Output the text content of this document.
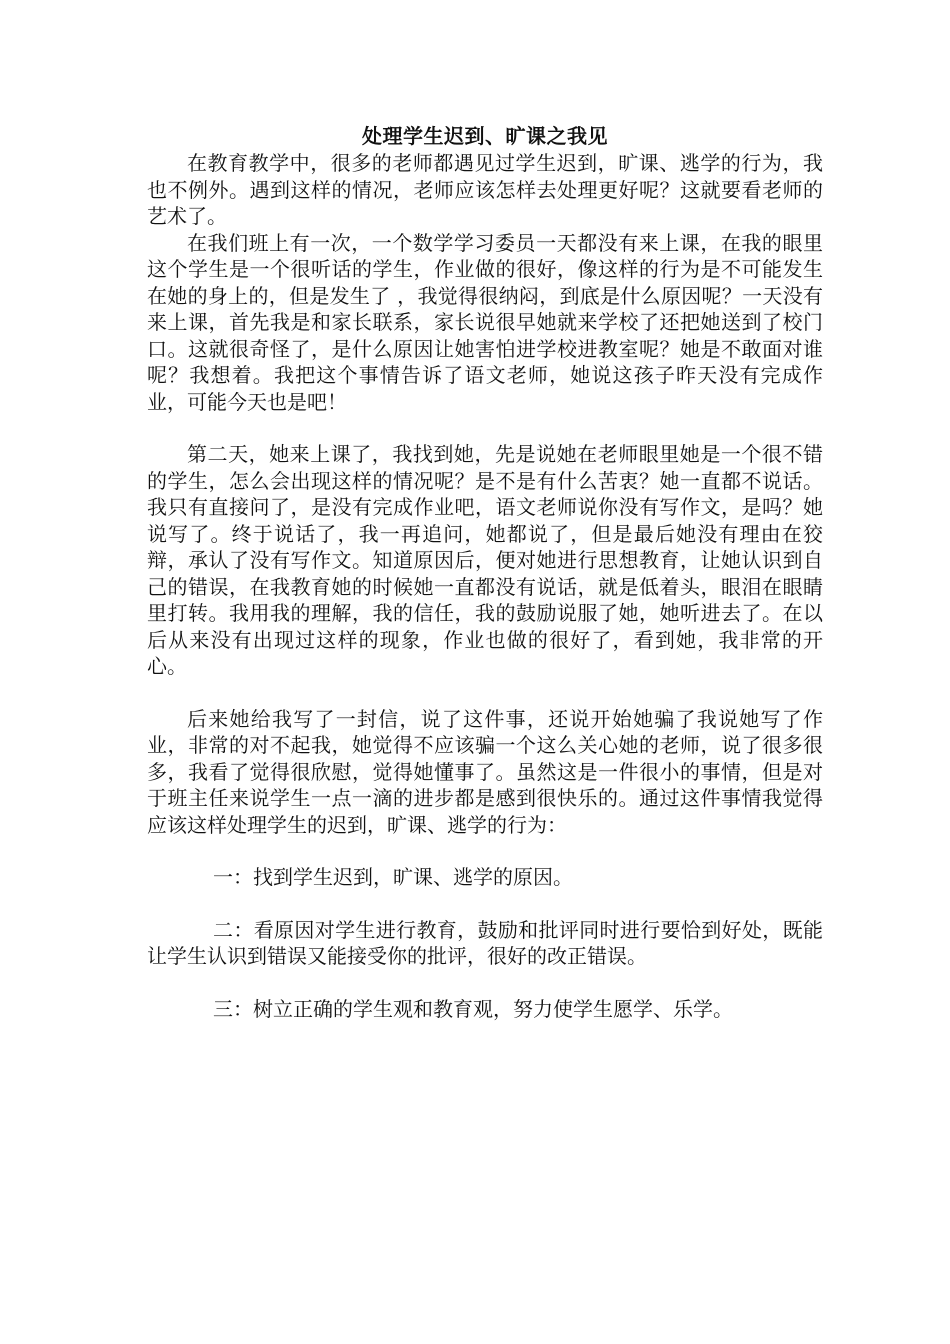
处理学生迟到、旷课之我见

在教育教学中，很多的老师都遇见过学生迟到，旷课、逃学的行为，我也不例外。遇到这样的情况，老师应该怎样去处理更好呢？这就要看老师的艺术了。

在我们班上有一次，一个数学学习委员一天都没有来上课，在我的眼里这个学生是一个很听话的学生，作业做的很好，像这样的行为是不可能发生在她的身上的，但是发生了 ，我觉得很纳闷，到底是什么原因呢？一天没有来上课，首先我是和家长联系，家长说很早她就来学校了还把她送到了校门口。这就很奇怪了，是什么原因让她害怕进学校进教室呢？她是不敢面对谁呢？我想着。我把这个事情告诉了语文老师，她说这孩子昨天没有完成作业，可能今天也是吧！

第二天，她来上课了，我找到她，先是说她在老师眼里她是一个很不错的学生，怎么会出现这样的情况呢？是不是有什么苦衷？她一直都不说话。我只有直接问了，是没有完成作业吧，语文老师说你没有写作文，是吗？她说写了。终于说话了，我一再追问，她都说了，但是最后她没有理由在狡辩，承认了没有写作文。知道原因后，便对她进行思想教育，让她认识到自己的错误，在我教育她的时候她一直都没有说话，就是低着头，眼泪在眼睛里打转。我用我的理解，我的信任，我的鼓励说服了她，她听进去了。在以后从来没有出现过这样的现象，作业也做的很好了，看到她，我非常的开心。

后来她给我写了一封信，说了这件事，还说开始她骗了我说她写了作业，非常的对不起我，她觉得不应该骗一个这么关心她的老师，说了很多很多，我看了觉得很欣慰，觉得她懂事了。虽然这是一件很小的事情，但是对于班主任来说学生一点一滴的进步都是感到很快乐的。通过这件事情我觉得应该这样处理学生的迟到，旷课、逃学的行为：

一：找到学生迟到，旷课、逃学的原因。

二：看原因对学生进行教育，鼓励和批评同时进行要恰到好处，既能让学生认识到错误又能接受你的批评，很好的改正错误。

三：树立正确的学生观和教育观，努力使学生愿学、乐学。
